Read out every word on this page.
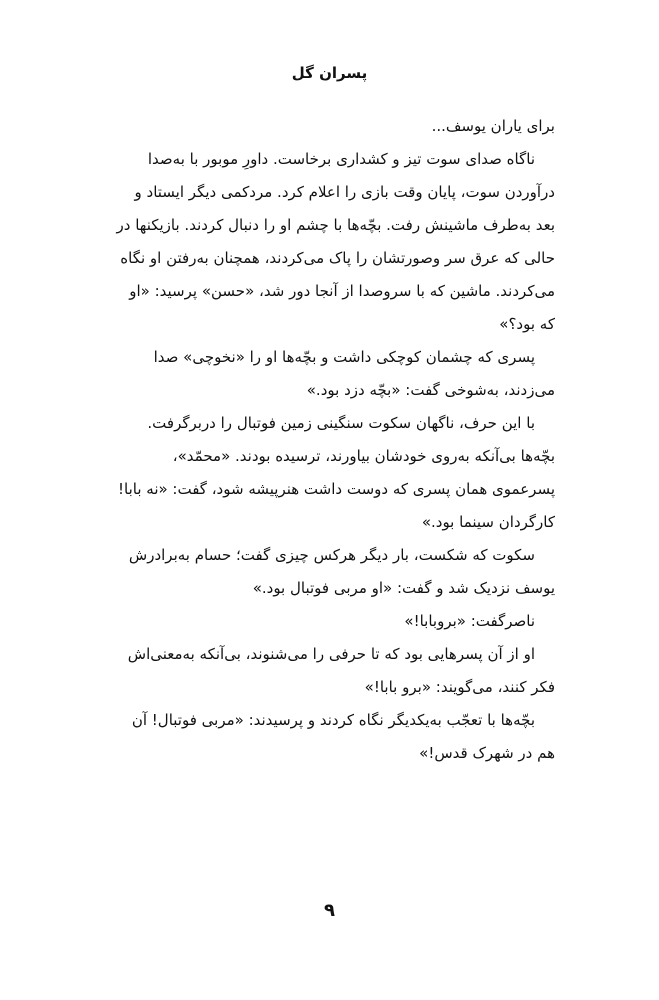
پسران گل
برای یاران یوسف...
ناگاه صدای سوت تیز و کشداری برخاست. داورِ موبور با به‌صدا
درآوردن سوت، پایان وقت بازی را اعلام کرد. مردکمی دیگر ایستاد و
بعد به‌طرف ماشینش رفت. بچّه‌ها با چشم او را دنبال کردند. بازیکنها در
حالی که عرق سر وصورتشان را پاک می‌کردند، همچنان به‌رفتن او نگاه
می‌کردند. ماشین که با سروصدا از آنجا دور شد، «حسن» پرسید: «او
که بود؟»
پسری که چشمان کوچکی داشت و بچّه‌ها او را «نخوچی» صدا
می‌زدند، به‌شوخی گفت: «بچّه دزد بود.»
با این حرف، ناگهان سکوت سنگینی زمین فوتبال را دربرگرفت.
بچّه‌ها بی‌آنکه به‌روی خودشان بیاورند، ترسیده بودند. «محمّد»،
پسرعموی همان پسری که دوست داشت هنرپیشه شود، گفت: «نه بابا!
کارگردان سینما بود.»
سکوت که شکست، بار دیگر هرکس چیزی گفت؛ حسام به‌برادرش
یوسف نزدیک شد و گفت: «او مربی فوتبال بود.»
ناصرگفت: «بروبابا!»
او از آن پسرهایی بود که تا حرفی را می‌شنوند، بی‌آنکه به‌معنی‌اش
فکر کنند، می‌گویند: «برو بابا!»
بچّه‌ها با تعجّب به‌یکدیگر نگاه کردند و پرسیدند: «مربی فوتبال! آن
هم در شهرک قدس!»
۹
